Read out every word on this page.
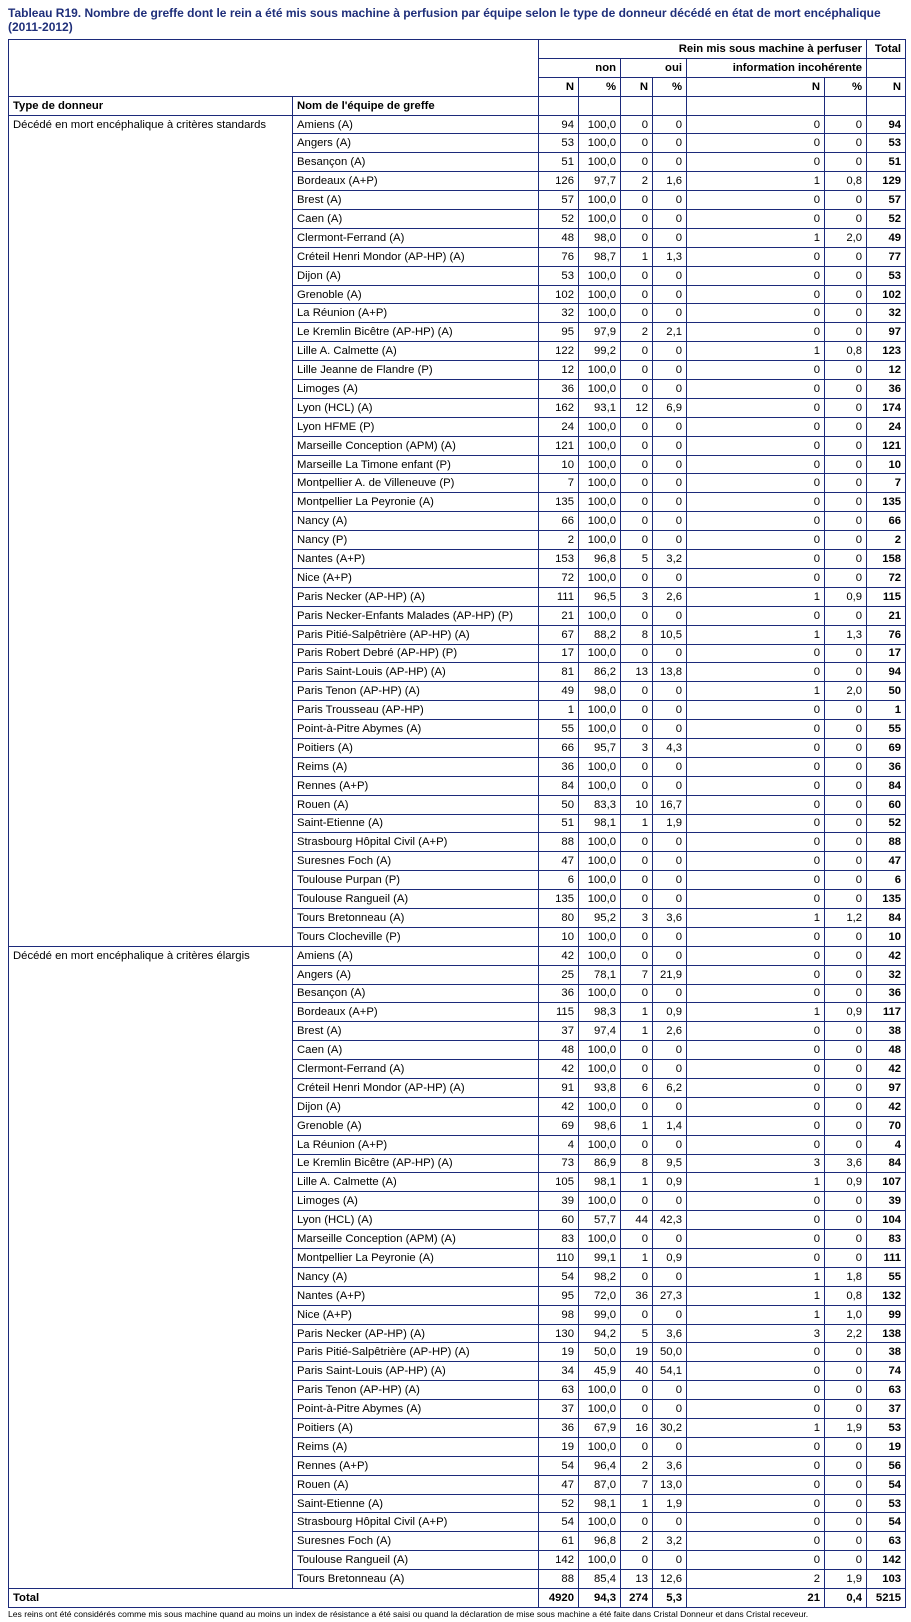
Tableau R19. Nombre de greffe dont le rein a été mis sous machine à perfusion par équipe selon le type de donneur décédé en état de mort encéphalique (2011-2012)
		Rein mis sous machine à perfuser						Total
		non		oui		information incohérente		
		N	%	N	%	N	%	N
Type de donneur	Nom de l'équipe de greffe							
Décédé en mort encéphalique à critères standards	Amiens (A)	94	100,0	0	0	0	0	94
	Angers (A)	53	100,0	0	0	0	0	53
	Besançon (A)	51	100,0	0	0	0	0	51
	Bordeaux (A+P)	126	97,7	2	1,6	1	0,8	129
	Brest (A)	57	100,0	0	0	0	0	57
	Caen (A)	52	100,0	0	0	0	0	52
	Clermont-Ferrand (A)	48	98,0	0	0	1	2,0	49
	Créteil Henri Mondor (AP-HP) (A)	76	98,7	1	1,3	0	0	77
	Dijon (A)	53	100,0	0	0	0	0	53
	Grenoble (A)	102	100,0	0	0	0	0	102
	La Réunion (A+P)	32	100,0	0	0	0	0	32
	Le Kremlin Bicêtre (AP-HP) (A)	95	97,9	2	2,1	0	0	97
	Lille A. Calmette (A)	122	99,2	0	0	1	0,8	123
	Lille Jeanne de Flandre (P)	12	100,0	0	0	0	0	12
	Limoges (A)	36	100,0	0	0	0	0	36
	Lyon (HCL) (A)	162	93,1	12	6,9	0	0	174
	Lyon HFME (P)	24	100,0	0	0	0	0	24
	Marseille Conception (APM) (A)	121	100,0	0	0	0	0	121
	Marseille La Timone enfant (P)	10	100,0	0	0	0	0	10
	Montpellier A. de Villeneuve (P)	7	100,0	0	0	0	0	7
	Montpellier La Peyronie (A)	135	100,0	0	0	0	0	135
	Nancy (A)	66	100,0	0	0	0	0	66
	Nancy (P)	2	100,0	0	0	0	0	2
	Nantes (A+P)	153	96,8	5	3,2	0	0	158
	Nice (A+P)	72	100,0	0	0	0	0	72
	Paris Necker (AP-HP) (A)	111	96,5	3	2,6	1	0,9	115
	Paris Necker-Enfants Malades (AP-HP) (P)	21	100,0	0	0	0	0	21
	Paris Pitié-Salpêtrière (AP-HP) (A)	67	88,2	8	10,5	1	1,3	76
	Paris Robert Debré (AP-HP) (P)	17	100,0	0	0	0	0	17
	Paris Saint-Louis (AP-HP) (A)	81	86,2	13	13,8	0	0	94
	Paris Tenon (AP-HP) (A)	49	98,0	0	0	1	2,0	50
	Paris Trousseau (AP-HP)	1	100,0	0	0	0	0	1
	Point-à-Pitre Abymes (A)	55	100,0	0	0	0	0	55
	Poitiers (A)	66	95,7	3	4,3	0	0	69
	Reims (A)	36	100,0	0	0	0	0	36
	Rennes (A+P)	84	100,0	0	0	0	0	84
	Rouen (A)	50	83,3	10	16,7	0	0	60
	Saint-Etienne (A)	51	98,1	1	1,9	0	0	52
	Strasbourg Hôpital Civil (A+P)	88	100,0	0	0	0	0	88
	Suresnes Foch (A)	47	100,0	0	0	0	0	47
	Toulouse Purpan (P)	6	100,0	0	0	0	0	6
	Toulouse Rangueil (A)	135	100,0	0	0	0	0	135
	Tours Bretonneau (A)	80	95,2	3	3,6	1	1,2	84
	Tours Clocheville (P)	10	100,0	0	0	0	0	10
Décédé en mort encéphalique à critères élargis	Amiens (A)	42	100,0	0	0	0	0	42
	Angers (A)	25	78,1	7	21,9	0	0	32
	Besançon (A)	36	100,0	0	0	0	0	36
	Bordeaux (A+P)	115	98,3	1	0,9	1	0,9	117
	Brest (A)	37	97,4	1	2,6	0	0	38
	Caen (A)	48	100,0	0	0	0	0	48
	Clermont-Ferrand (A)	42	100,0	0	0	0	0	42
	Créteil Henri Mondor (AP-HP) (A)	91	93,8	6	6,2	0	0	97
	Dijon (A)	42	100,0	0	0	0	0	42
	Grenoble (A)	69	98,6	1	1,4	0	0	70
	La Réunion (A+P)	4	100,0	0	0	0	0	4
	Le Kremlin Bicêtre (AP-HP) (A)	73	86,9	8	9,5	3	3,6	84
	Lille A. Calmette (A)	105	98,1	1	0,9	1	0,9	107
	Limoges (A)	39	100,0	0	0	0	0	39
	Lyon (HCL) (A)	60	57,7	44	42,3	0	0	104
	Marseille Conception (APM) (A)	83	100,0	0	0	0	0	83
	Montpellier La Peyronie (A)	110	99,1	1	0,9	0	0	111
	Nancy (A)	54	98,2	0	0	1	1,8	55
	Nantes (A+P)	95	72,0	36	27,3	1	0,8	132
	Nice (A+P)	98	99,0	0	0	1	1,0	99
	Paris Necker (AP-HP) (A)	130	94,2	5	3,6	3	2,2	138
	Paris Pitié-Salpêtrière (AP-HP) (A)	19	50,0	19	50,0	0	0	38
	Paris Saint-Louis (AP-HP) (A)	34	45,9	40	54,1	0	0	74
	Paris Tenon (AP-HP) (A)	63	100,0	0	0	0	0	63
	Point-à-Pitre Abymes (A)	37	100,0	0	0	0	0	37
	Poitiers (A)	36	67,9	16	30,2	1	1,9	53
	Reims (A)	19	100,0	0	0	0	0	19
	Rennes (A+P)	54	96,4	2	3,6	0	0	56
	Rouen (A)	47	87,0	7	13,0	0	0	54
	Saint-Etienne (A)	52	98,1	1	1,9	0	0	53
	Strasbourg Hôpital Civil (A+P)	54	100,0	0	0	0	0	54
	Suresnes Foch (A)	61	96,8	2	3,2	0	0	63
	Toulouse Rangueil (A)	142	100,0	0	0	0	0	142
	Tours Bretonneau (A)	88	85,4	13	12,6	2	1,9	103
Total		4920	94,3	274	5,3	21	0,4	5215
Les reins ont été considérés comme mis sous machine quand au moins un index de résistance a été saisi ou quand la déclaration de mise sous machine a été faite dans Cristal Donneur et dans Cristal receveur.
